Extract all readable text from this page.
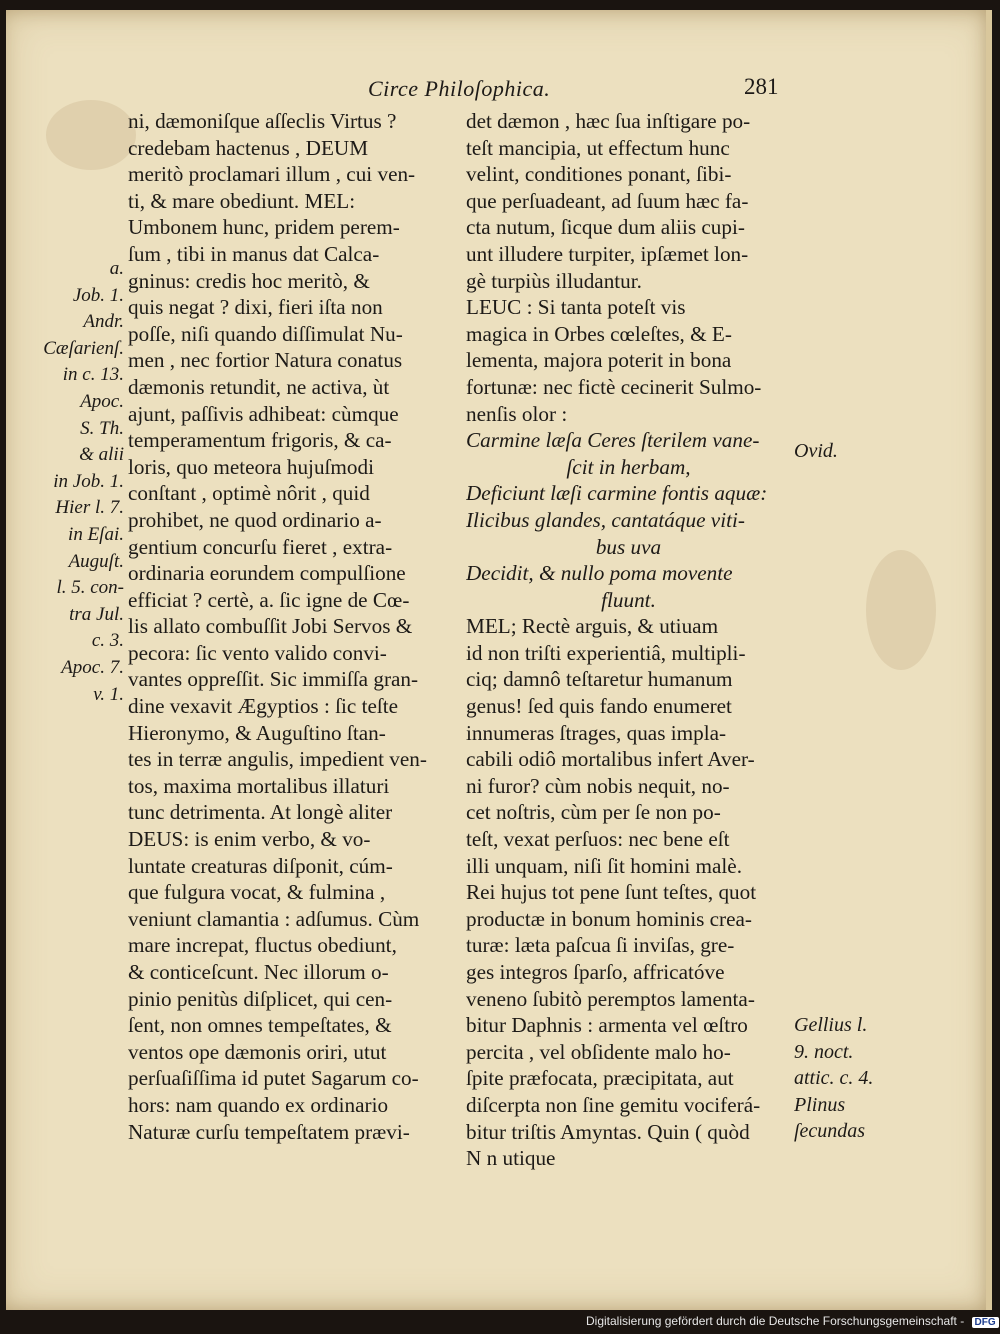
Circe Philoſophica.	281
a.
Job. 1.
Andr.
Cæſarienſ.
in c. 13.
Apoc.
S. Th.
& alii
in Job. 1.
Hier l. 7.
in Eſai.
Auguſt.
l. 5. con-
tra Jul.
c. 3.
Apoc. 7.
v. 1.
ni, dæmoniſque aſſeclis Virtus ?
credebam hactenus , DEUM
meritò proclamari illum , cui ven-
ti, & mare obediunt. MEL:
Umbonem hunc, pridem perem-
ſum , tibi in manus dat Calca-
gninus: credis hoc meritò, &
quis negat ? dixi, fieri iſta non
poſſe, niſi quando diſſimulat Nu-
men , nec fortior Natura conatus
dæmonis retundit, ne activa, ùt
ajunt, paſſivis adhibeat: cùmque
temperamentum frigoris, & ca-
loris, quo meteora hujuſmodi
conſtant , optimè nôrit , quid
prohibet, ne quod ordinario a-
gentium concurſu fieret , extra-
ordinaria eorundem compulſione
efficiat ? certè, a. ſic igne de Cœ-
lis allato combuſſit Jobi Servos &
pecora: ſic vento valido convi-
vantes oppreſſit. Sic immiſſa gran-
dine vexavit Ægyptios : ſic teſte
Hieronymo, & Auguſtino ſtan-
tes in terræ angulis, impedient ven-
tos, maxima mortalibus illaturi
tunc detrimenta. At longè aliter
DEUS: is enim verbo, & vo-
luntate creaturas diſponit, cúm-
que fulgura vocat, & fulmina ,
veniunt clamantia : adſumus. Cùm
mare increpat, fluctus obediunt,
& conticeſcunt. Nec illorum o-
pinio penitùs diſplicet, qui cen-
ſent, non omnes tempeſtates, &
ventos ope dæmonis oriri, utut
perſuaſiſſima id putet Sagarum co-
hors: nam quando ex ordinario
Naturæ curſu tempeſtatem prævi-
det dæmon , hæc ſua inſtigare po-
teſt mancipia, ut effectum hunc
velint, conditiones ponant, ſibi-
que perſuadeant, ad ſuum hæc fa-
cta nutum, ſicque dum aliis cupi-
unt illudere turpiter, ipſæmet lon-
gè turpiùs illudantur.
LEUC : Si tanta poteſt vis
magica in Orbes cœleſtes, & E-
lementa, majora poterit in bona
fortunæ: nec fictè cecinerit Sulmo-
nenſis olor :
Carmine læſa Ceres ſterilem vane-
ſcit in herbam,
Deficiunt læſi carmine fontis aquæ:
Ilicibus glandes, cantatáque viti-
bus uva
Decidit, & nullo poma movente
fluunt.
MEL; Rectè arguis, & utiuam
id non triſti experientiâ, multipli-
ciq; damnô teſtaretur humanum
genus! ſed quis fando enumeret
innumeras ſtrages, quas impla-
cabili odiô mortalibus infert Aver-
ni furor? cùm nobis nequit, no-
cet noſtris, cùm per ſe non po-
teſt, vexat perſuos: nec bene eſt
illi unquam, niſi ſit homini malè.
Rei hujus tot pene ſunt teſtes, quot
productæ in bonum hominis crea-
turæ: læta paſcua ſi inviſas, gre-
ges integros ſparſo, affricatóve
veneno ſubitò peremptos lamenta-
bitur Daphnis : armenta vel œſtro
percita , vel obſidente malo ho-
ſpite præfocata, præcipitata, aut
diſcerpta non ſine gemitu vociferá-
bitur triſtis Amyntas. Quin ( quòd
N n utique
Ovid.
Gellius l.
9. noct.
attic. c. 4.
Plinus
ſecundas
Digitalisierung gefördert durch die Deutsche Forschungsgemeinschaft - DFG
